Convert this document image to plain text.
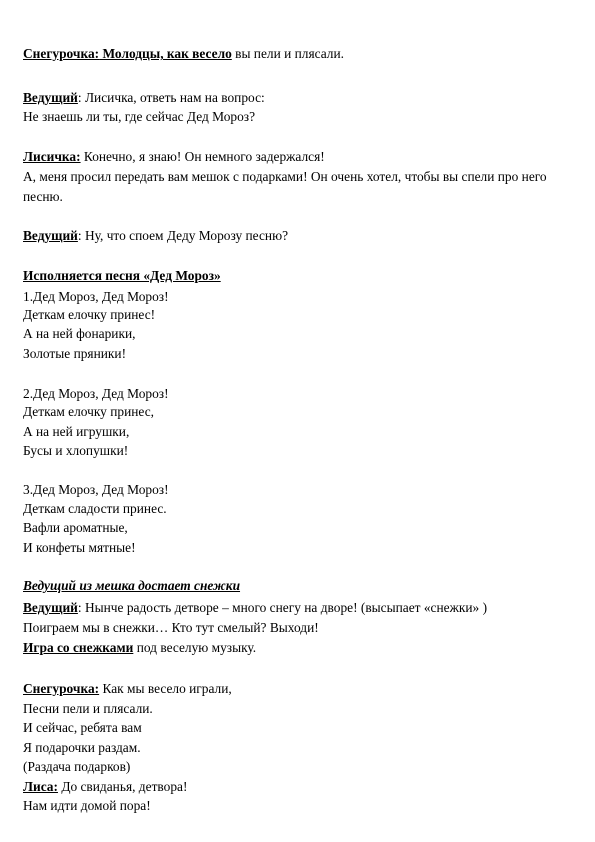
Снегурочка: Молодцы, как весело вы пели и плясали.
Ведущий: Лисичка, ответь нам на вопрос:
Не знаешь ли ты, где сейчас Дед Мороз?
Лисичка: Конечно, я знаю! Он немного задержался!
А, меня просил передать вам мешок с подарками! Он очень хотел, чтобы вы спели про него
песню.
Ведущий: Ну, что споем Деду Морозу песню?
Исполняется песня «Дед Мороз»
1.Дед Мороз, Дед Мороз!
Деткам елочку принес!
А на ней фонарики,
Золотые пряники!
2.Дед Мороз, Дед Мороз!
Деткам елочку принес,
А на ней игрушки,
Бусы и хлопушки!
3.Дед Мороз, Дед Мороз!
Деткам сладости принес.
Вафли ароматные,
И конфеты мятные!
Ведущий из мешка достает снежки
Ведущий: Нынче радость детворе – много снегу на дворе! (высыпает «снежки» )
Поиграем мы в снежки… Кто тут смелый? Выходи!
Игра со снежками под веселую музыку.
Снегурочка: Как мы весело играли,
Песни пели и плясали.
И сейчас, ребята вам
Я подарочки раздам.
(Раздача подарков)
Лиса: До свиданья, детвора!
Нам идти домой пора!
